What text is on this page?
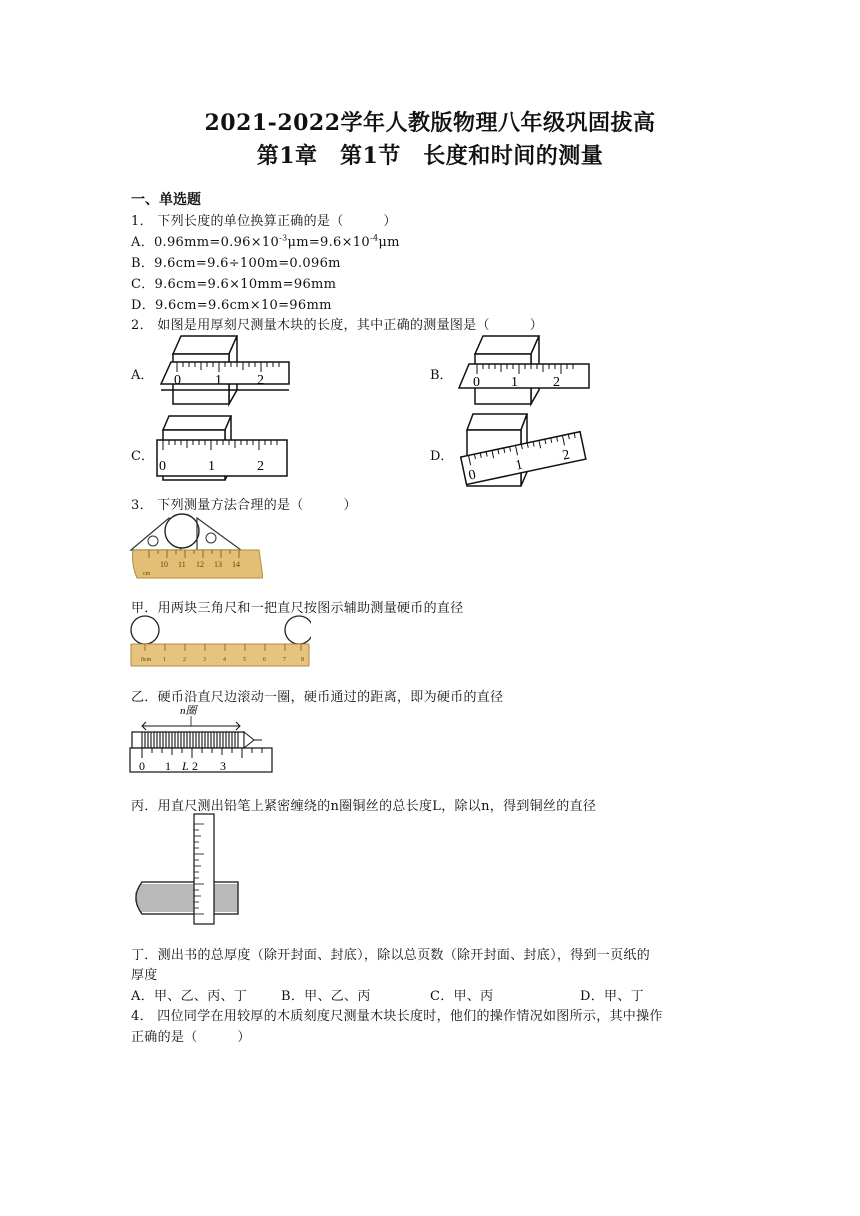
2021-2022学年人教版物理八年级巩固拔高
第1章　第1节　长度和时间的测量
一、单选题
1． 下列长度的单位换算正确的是（　　　）
A．$0.96mm=0.96\times 10^{-3}\mu m=9.6\times 10^{-4}\mu m$
B．9.6cm=9.6÷100m=0.096m
C．9.6cm=9.6×10mm=96mm
D．9.6cm=9.6cm×10=96mm
2． 如图是用厚刻尺测量木块的长度，其中正确的测量图是（　　　）
A． 0 1	2	B． 0 1	2
C．
0	1	2
D．
0
1
2
3． 下列测量方法合理的是（　　　）
cm
10 11 12 13 14
甲．用两块三角尺和一把直尺按图示辅助测量硬币的直径
0cm 1	2	3	4	5	6	7	8
乙．硬币沿直尺边滚动一圈，硬币通过的距离，即为硬币的直径
n圈
0 1 L 2 3
丙．用直尺测出铅笔上紧密缠绕的n圈铜丝的总长度L，除以n，得到铜丝的直径
丁．测出书的总厚度（除开封面、封底），除以总页数（除开封面、封底），得到一页纸的
厚度
A．甲、乙、丙、丁	B．甲、乙、丙	C．甲、丙	D．甲、丁
4． 四位同学在用较厚的木质刻度尺测量木块长度时，他们的操作情况如图所示，其中操作
正确的是（　　　）
